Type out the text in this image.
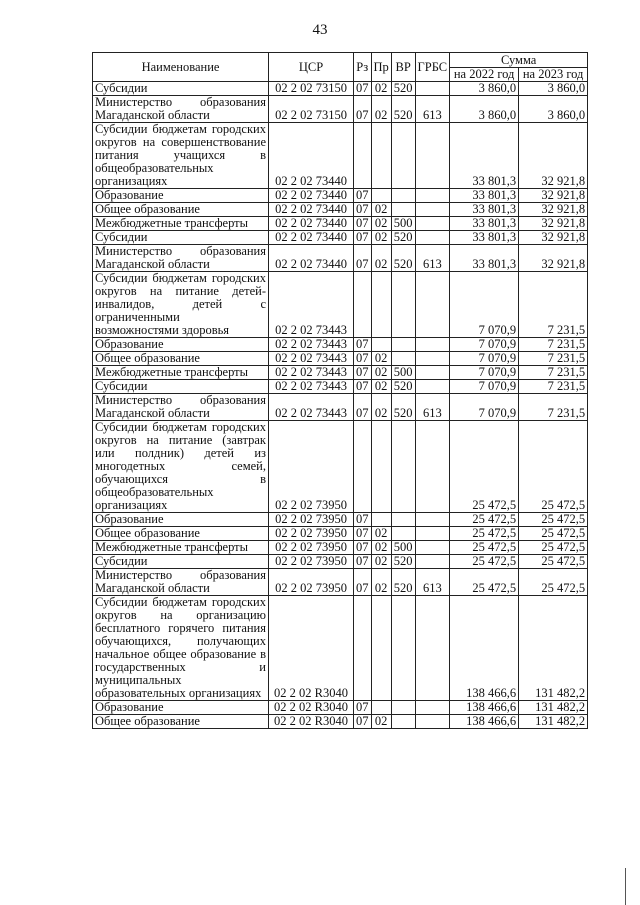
43
Наименование	ЦСР	Рз	Пр	ВР	ГРБС	Сумма	
						на 2022 год	на 2023 год
Субсидии	02 2 02 73150	07	02	520		3 860,0	3 860,0
Министерство образования Магаданской области	02 2 02 73150	07	02	520	613	3 860,0	3 860,0
Субсидии бюджетам городских округов на совершенствование питания учащихся в общеобразовательных организациях	02 2 02 73440					33 801,3	32 921,8
Образование	02 2 02 73440	07				33 801,3	32 921,8
Общее образование	02 2 02 73440	07	02			33 801,3	32 921,8
Межбюджетные трансферты	02 2 02 73440	07	02	500		33 801,3	32 921,8
Субсидии	02 2 02 73440	07	02	520		33 801,3	32 921,8
Министерство образования Магаданской области	02 2 02 73440	07	02	520	613	33 801,3	32 921,8
Субсидии бюджетам городских округов на питание детей-инвалидов, детей с ограниченными возможностями здоровья	02 2 02 73443					7 070,9	7 231,5
Образование	02 2 02 73443	07				7 070,9	7 231,5
Общее образование	02 2 02 73443	07	02			7 070,9	7 231,5
Межбюджетные трансферты	02 2 02 73443	07	02	500		7 070,9	7 231,5
Субсидии	02 2 02 73443	07	02	520		7 070,9	7 231,5
Министерство образования Магаданской области	02 2 02 73443	07	02	520	613	7 070,9	7 231,5
Субсидии бюджетам городских округов на питание (завтрак или полдник) детей из многодетных семей, обучающихся в общеобразовательных организациях	02 2 02 73950					25 472,5	25 472,5
Образование	02 2 02 73950	07				25 472,5	25 472,5
Общее образование	02 2 02 73950	07	02			25 472,5	25 472,5
Межбюджетные трансферты	02 2 02 73950	07	02	500		25 472,5	25 472,5
Субсидии	02 2 02 73950	07	02	520		25 472,5	25 472,5
Министерство образования Магаданской области	02 2 02 73950	07	02	520	613	25 472,5	25 472,5
Субсидии бюджетам городских округов на организацию бесплатного горячего питания обучающихся, получающих начальное общее образование в государственных и муниципальных образовательных организациях	02 2 02 R3040					138 466,6	131 482,2
Образование	02 2 02 R3040	07				138 466,6	131 482,2
Общее образование	02 2 02 R3040	07	02			138 466,6	131 482,2
